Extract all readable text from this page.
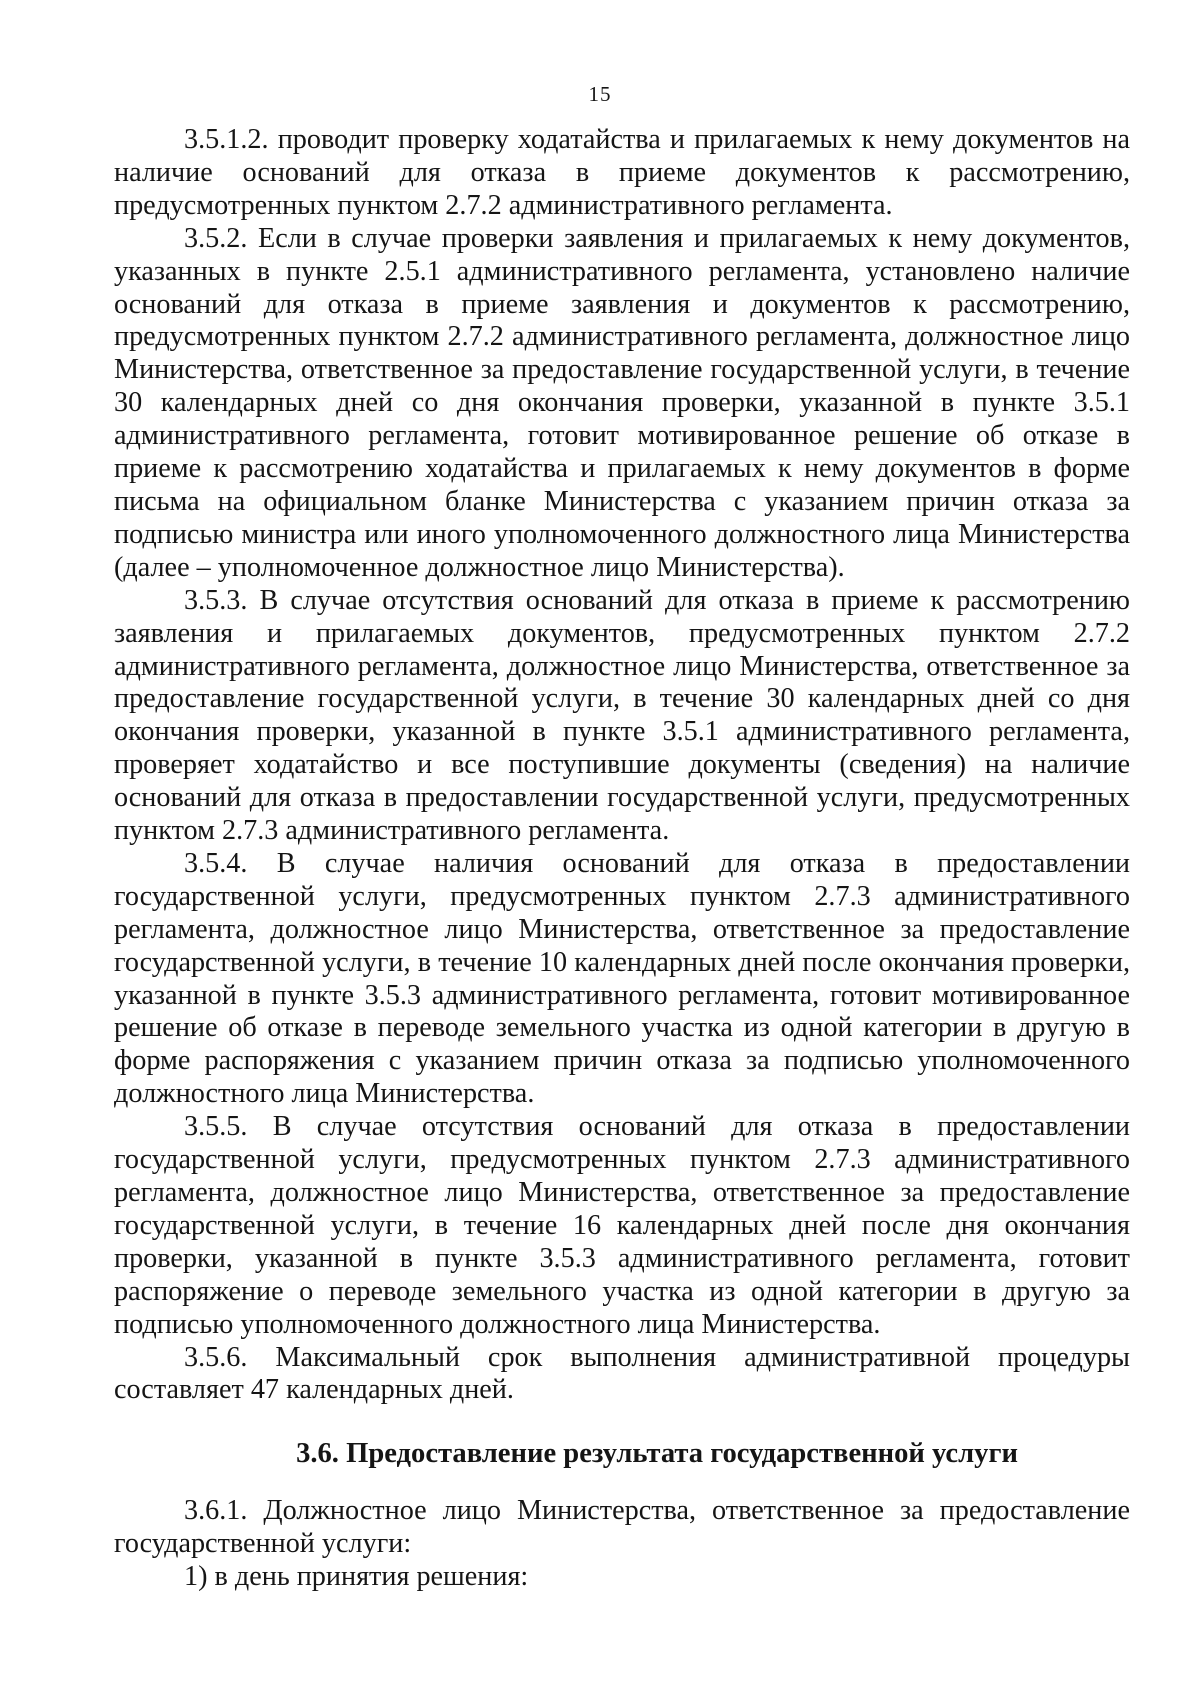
15

3.5.1.2. проводит проверку ходатайства и прилагаемых к нему документов на наличие оснований для отказа в приеме документов к рассмотрению, предусмотренных пунктом 2.7.2 административного регламента.

3.5.2. Если в случае проверки заявления и прилагаемых к нему документов, указанных в пункте 2.5.1 административного регламента, установлено наличие оснований для отказа в приеме заявления и документов к рассмотрению, предусмотренных пунктом 2.7.2 административного регламента, должностное лицо Министерства, ответственное за предоставление государственной услуги, в течение 30 календарных дней со дня окончания проверки, указанной в пункте 3.5.1 административного регламента, готовит мотивированное решение об отказе в приеме к рассмотрению ходатайства и прилагаемых к нему документов в форме письма на официальном бланке Министерства с указанием причин отказа за подписью министра или иного уполномоченного должностного лица Министерства (далее – уполномоченное должностное лицо Министерства).

3.5.3. В случае отсутствия оснований для отказа в приеме к рассмотрению заявления и прилагаемых документов, предусмотренных пунктом 2.7.2 административного регламента, должностное лицо Министерства, ответственное за предоставление государственной услуги, в течение 30 календарных дней со дня окончания проверки, указанной в пункте 3.5.1 административного регламента, проверяет ходатайство и все поступившие документы (сведения) на наличие оснований для отказа в предоставлении государственной услуги, предусмотренных пунктом 2.7.3 административного регламента.

3.5.4. В случае наличия оснований для отказа в предоставлении государственной услуги, предусмотренных пунктом 2.7.3 административного регламента, должностное лицо Министерства, ответственное за предоставление государственной услуги, в течение 10 календарных дней после окончания проверки, указанной в пункте 3.5.3 административного регламента, готовит мотивированное решение об отказе в переводе земельного участка из одной категории в другую в форме распоряжения с указанием причин отказа за подписью уполномоченного должностного лица Министерства.

3.5.5. В случае отсутствия оснований для отказа в предоставлении государственной услуги, предусмотренных пунктом 2.7.3 административного регламента, должностное лицо Министерства, ответственное за предоставление государственной услуги, в течение 16 календарных дней после дня окончания проверки, указанной в пункте 3.5.3 административного регламента, готовит распоряжение о переводе земельного участка из одной категории в другую за подписью уполномоченного должностного лица Министерства.

3.5.6. Максимальный срок выполнения административной процедуры составляет 47 календарных дней.

3.6. Предоставление результата государственной услуги

3.6.1. Должностное лицо Министерства, ответственное за предоставление государственной услуги:

1) в день принятия решения:
